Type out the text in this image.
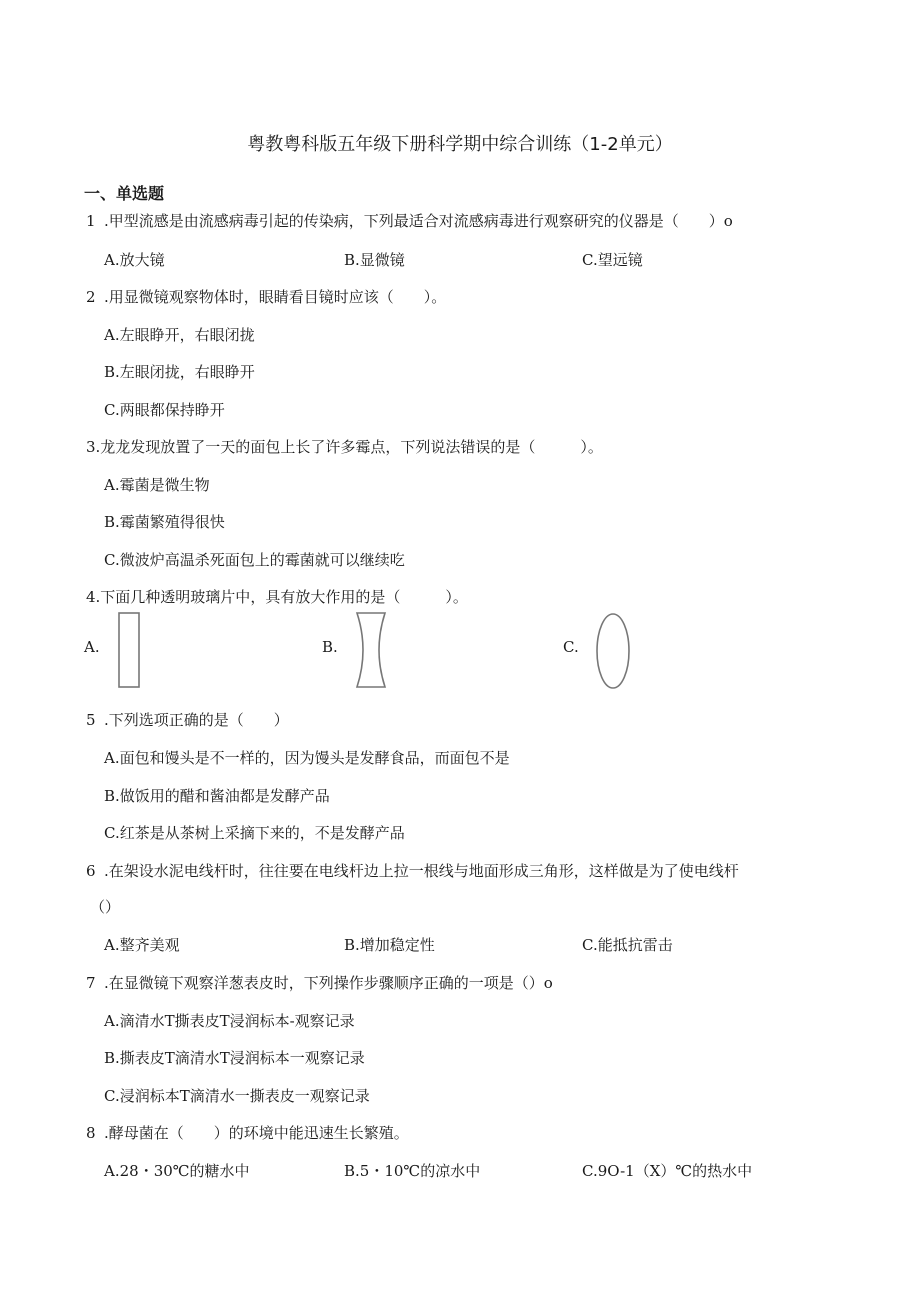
粤教粤科版五年级下册科学期中综合训练（1-2单元）
一、单选题
1 .甲型流感是由流感病毒引起的传染病，下列最适合对流感病毒进行观察研究的仪器是（　　）o
A.放大镜	B.显微镜	C.望远镜
2 .用显微镜观察物体时，眼睛看目镜时应该（　　）。
A.左眼睁开，右眼闭拢
B.左眼闭拢，右眼睁开
C.两眼都保持睁开
3.龙龙发现放置了一天的面包上长了许多霉点，下列说法错误的是（　　　）。
A.霉菌是微生物
B.霉菌繁殖得很快
C.微波炉高温杀死面包上的霉菌就可以继续吃
4.下面几种透明玻璃片中，具有放大作用的是（　　　）。
A.	B.	C.
5 .下列选项正确的是（　　）
A.面包和馒头是不一样的，因为馒头是发酵食品，而面包不是
B.做饭用的醋和酱油都是发酵产品
C.红茶是从茶树上采摘下来的，不是发酵产品
6 .在架设水泥电线杆时，往往要在电线杆边上拉一根线与地面形成三角形，这样做是为了使电线杆
（）
A.整齐美观	B.增加稳定性	C.能抵抗雷击
7 .在显微镜下观察洋葱表皮时，下列操作步骤顺序正确的一项是（）o
A.滴清水T撕表皮T浸润标本-观察记录
B.撕表皮T滴清水T浸润标本一观察记录
C.浸润标本T滴清水一撕表皮一观察记录
8 .酵母菌在（　　）的环境中能迅速生长繁殖。
A.28・30℃的糖水中	B.5・10℃的凉水中	C.9O-1（X）℃的热水中
